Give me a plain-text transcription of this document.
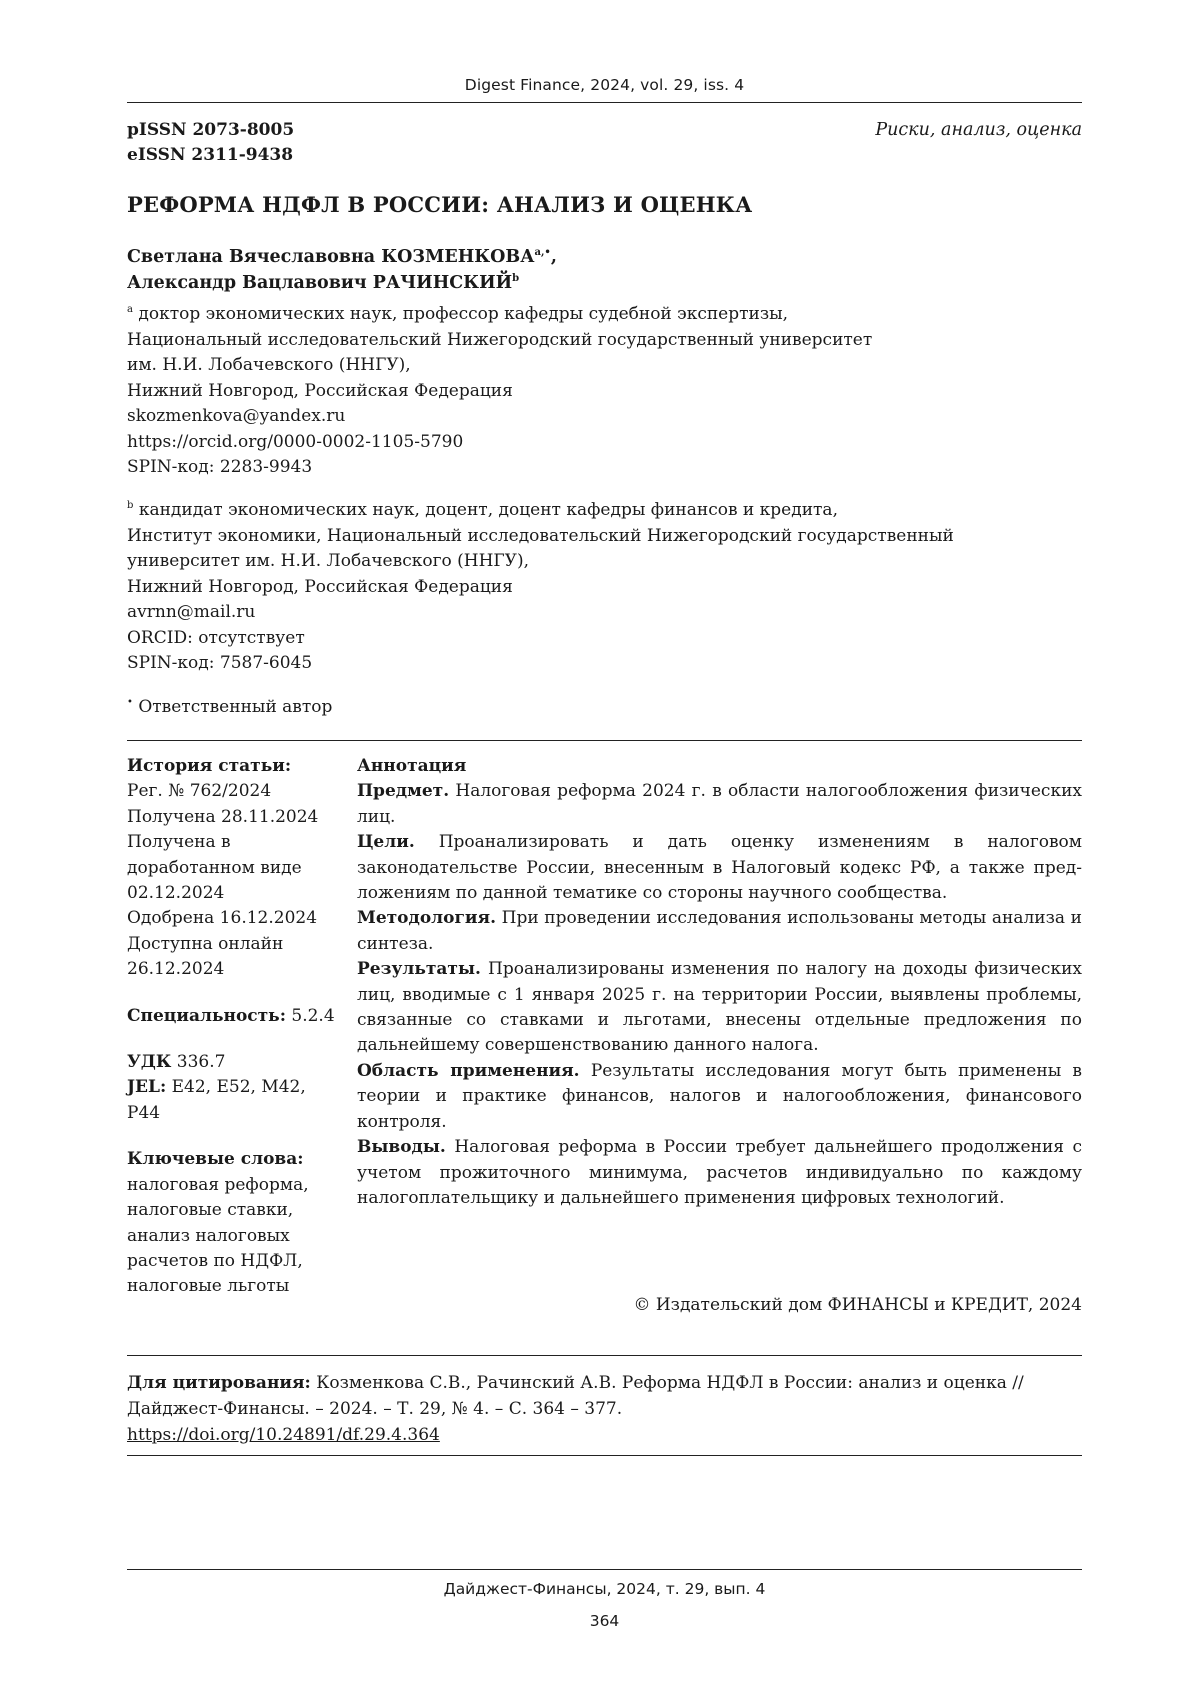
Digest Finance, 2024, vol. 29, iss. 4
pISSN 2073-8005
eISSN 2311-9438
Риски, анализ, оценка
РЕФОРМА НДФЛ В РОССИИ: АНАЛИЗ И ОЦЕНКА
Светлана Вячеславовна КОЗМЕНКОВАa,•,
Александр Вацлавович РАЧИНСКИЙb
a доктор экономических наук, профессор кафедры судебной экспертизы,
Национальный исследовательский Нижегородский государственный университет
им. Н.И. Лобачевского (ННГУ),
Нижний Новгород, Российская Федерация
skozmenkova@yandex.ru
https://orcid.org/0000-0002-1105-5790
SPIN-код: 2283-9943
b кандидат экономических наук, доцент, доцент кафедры финансов и кредита,
Институт экономики, Национальный исследовательский Нижегородский государственный
университет им. Н.И. Лобачевского (ННГУ),
Нижний Новгород, Российская Федерация
avrnn@mail.ru
ORCID: отсутствует
SPIN-код: 7587-6045
• Ответственный автор
История статьи:
Рег. № 762/2024
Получена 28.11.2024
Получена в
доработанном виде
02.12.2024
Одобрена 16.12.2024
Доступна онлайн
26.12.2024
Специальность: 5.2.4
УДК 336.7
JEL: E42, E52, M42,
P44
Ключевые слова:
налоговая реформа,
налоговые ставки,
анализ налоговых
расчетов по НДФЛ,
налоговые льготы
Аннотация

Предмет. Налоговая реформа 2024 г. в области налогообложения физичес­ких лиц.

Цели. Проанализировать и дать оценку изменениям в налоговом законодательстве России, внесенным в Налоговый кодекс РФ, а также пред­ложениям по данной тематике со стороны научного сообщества.

Методология. При проведении исследования использованы методы анализа и синтеза.

Результаты. Проанализированы изменения по налогу на доходы физичес­ких лиц, вводимые с 1 января 2025 г. на территории России, выявлены проблемы, связанные со ставками и льготами, внесены отдельные пред­ложения по дальнейшему совершенствованию данного налога.

Область применения. Результаты исследования могут быть применены в теории и практике финансов, налогов и налогообложения, финансового контроля.

Выводы. Налоговая реформа в России требует дальнейшего продолжения с учетом прожиточного минимума, расчетов индивидуально по каждому налогоплательщику и дальнейшего применения цифровых технологий.

© Издательский дом ФИНАНСЫ и КРЕДИТ, 2024
Для цитирования: Козменкова С.В., Рачинский А.В. Реформа НДФЛ в России: анализ и оценка //
Дайджест-Финансы. – 2024. – Т. 29, № 4. – С. 364 – 377.
https://doi.org/10.24891/df.29.4.364
Дайджест-Финансы, 2024, т. 29, вып. 4
364
